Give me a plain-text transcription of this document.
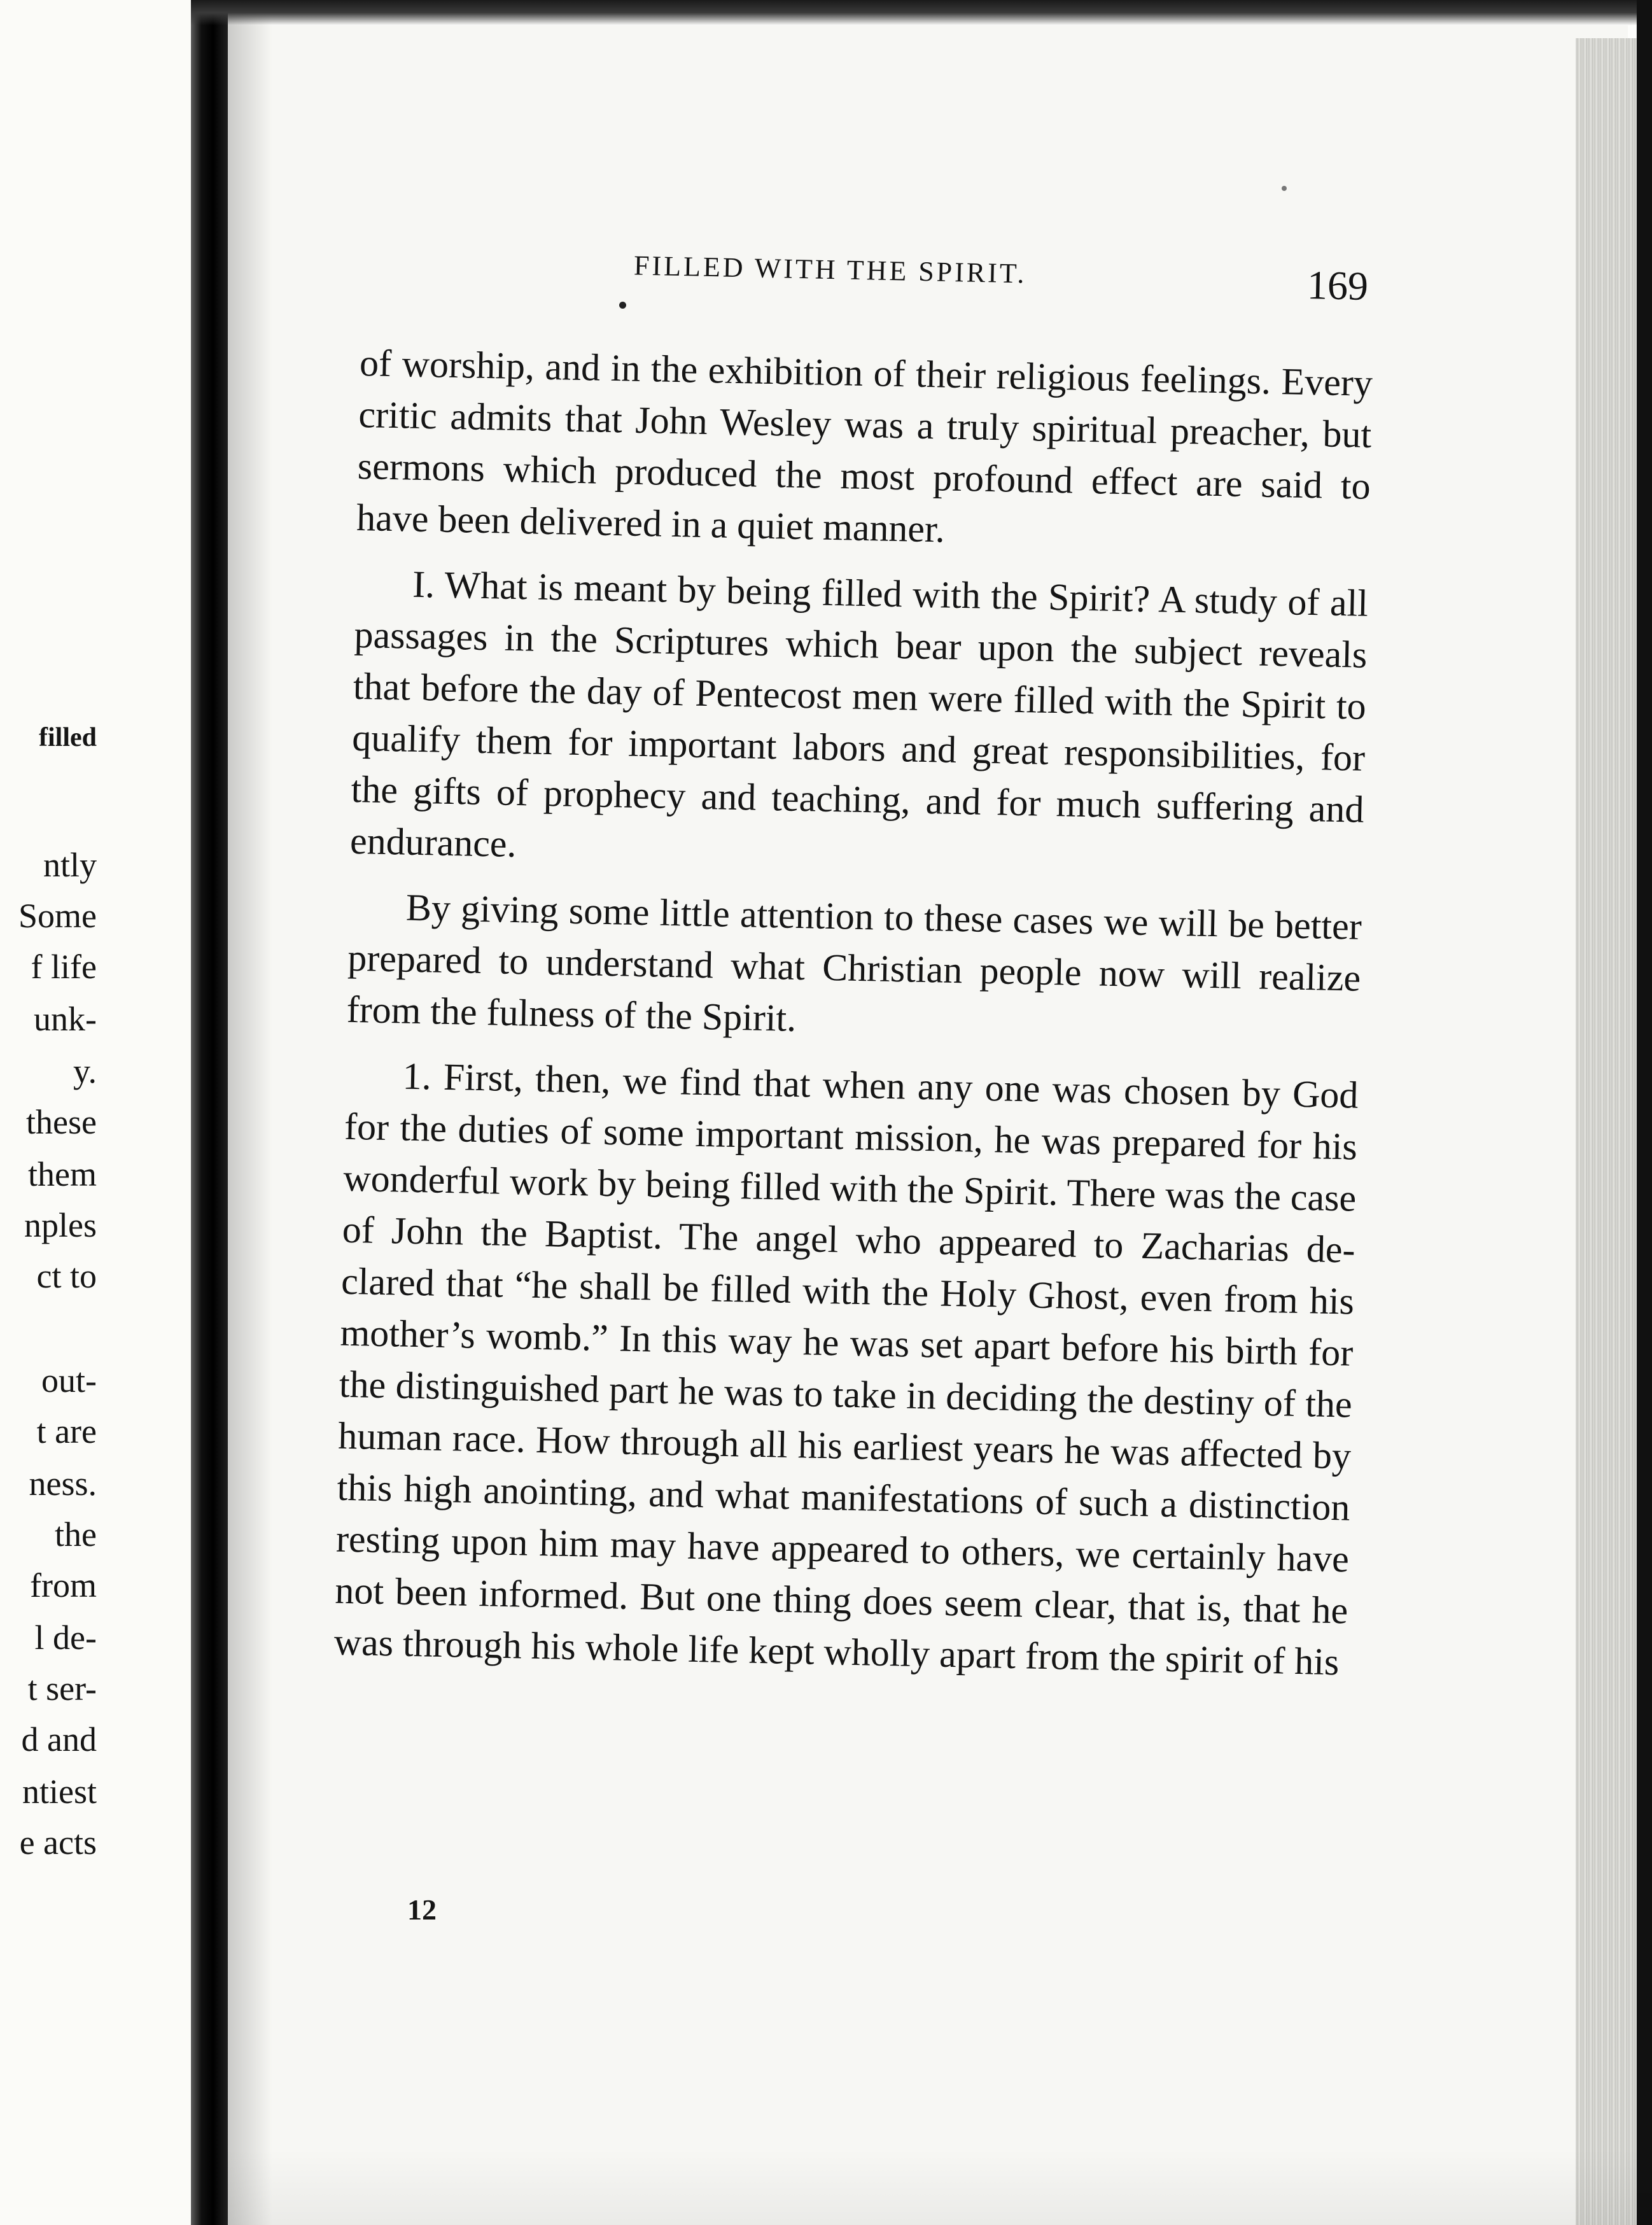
filled
ntly
Some
f life
unk-
y.
these
them
nples
ct to
out-
t are
ness.
the
from
l de-
t ser-
d and
ntiest
e acts
FILLED WITH THE SPIRIT.	169

of worship, and in the exhibition of their religious feelings. Every critic admits that John Wesley was a truly spiritual preacher, but sermons which produced the most profound effect are said to have been delivered in a quiet manner.

I. What is meant by being filled with the Spirit? A study of all passages in the Scriptures which bear upon the subject reveals that before the day of Pentecost men were filled with the Spirit to qualify them for important labors and great responsibilities, for the gifts of prophecy and teaching, and for much suffering and endurance.

By giving some little attention to these cases we will be better prepared to understand what Christian people now will realize from the fulness of the Spirit.

1. First, then, we find that when any one was chosen by God for the duties of some important mission, he was prepared for his wonderful work by being filled with the Spirit. There was the case of John the Baptist. The angel who appeared to Zacharias declared that “he shall be filled with the Holy Ghost, even from his mother’s womb.” In this way he was set apart before his birth for the distinguished part he was to take in deciding the destiny of the human race. How through all his earliest years he was affected by this high anointing, and what manifestations of such a distinction resting upon him may have appeared to others, we certainly have not been informed. But one thing does seem clear, that is, that he was through his whole life kept wholly apart from the spirit of his

12
